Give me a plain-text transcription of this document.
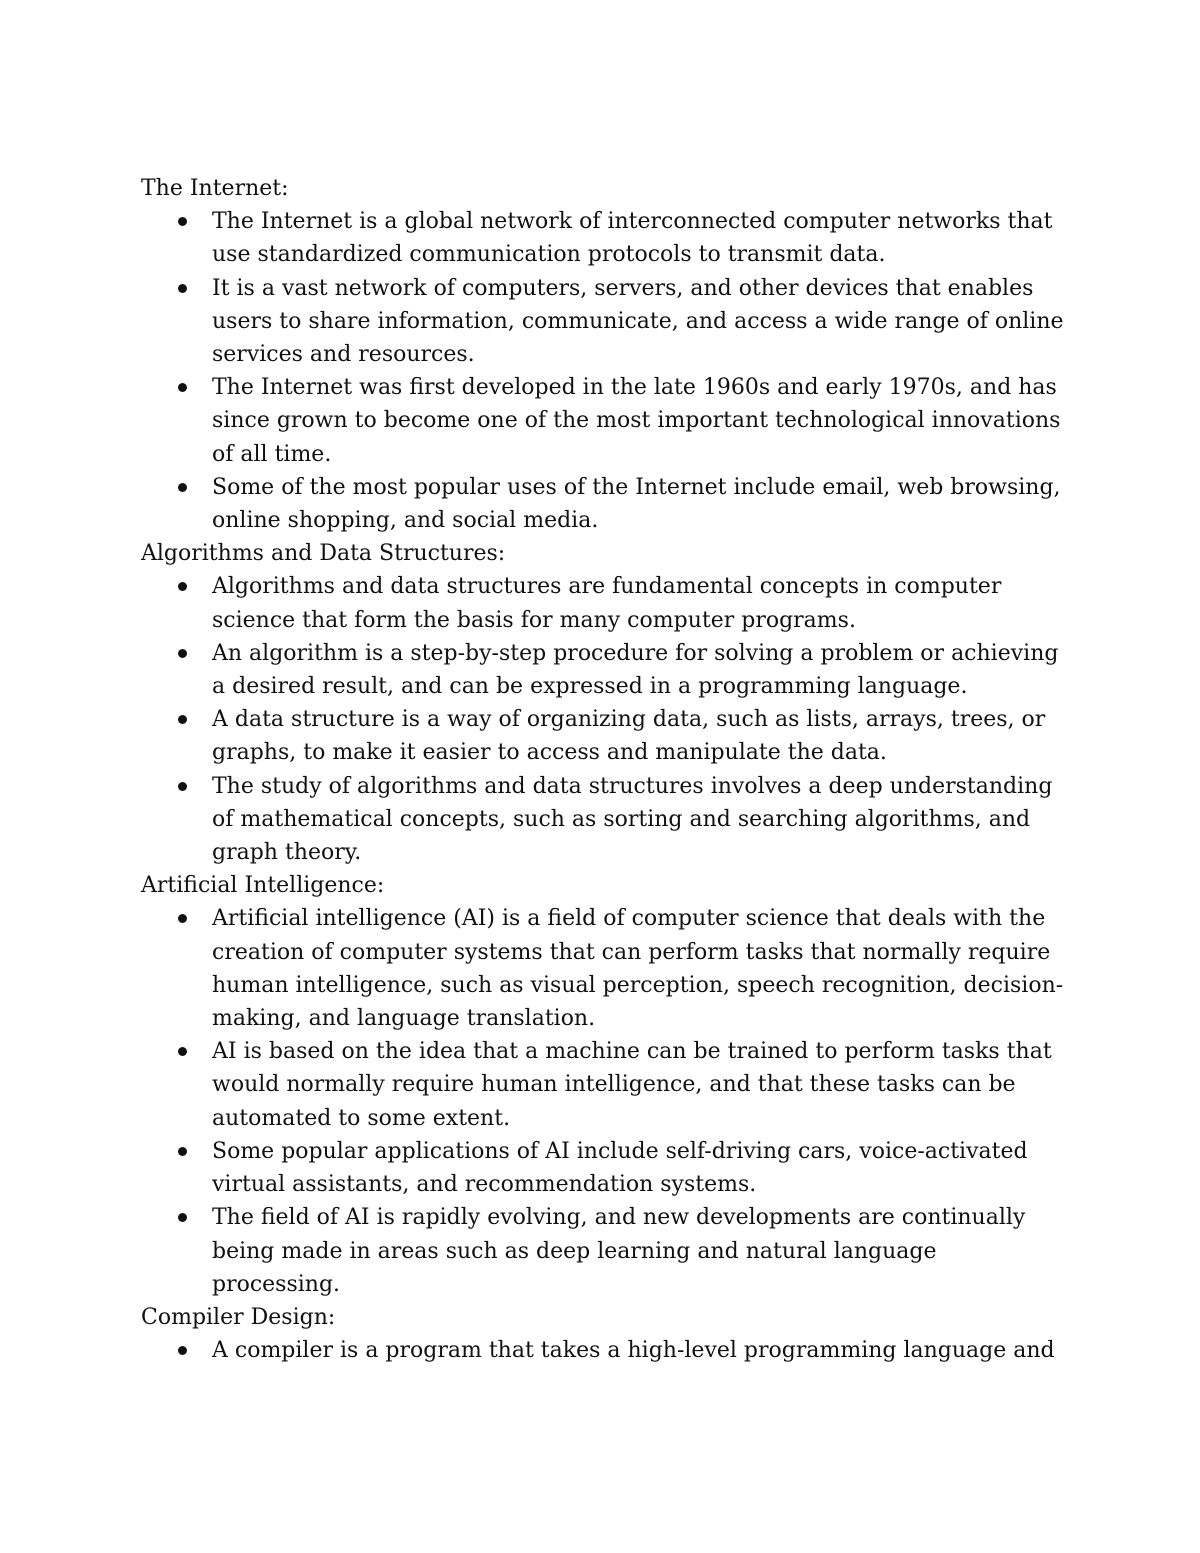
The Internet:

The Internet is a global network of interconnected computer networks that use standardized communication protocols to transmit data.
It is a vast network of computers, servers, and other devices that enables users to share information, communicate, and access a wide range of online services and resources.
The Internet was first developed in the late 1960s and early 1970s, and has since grown to become one of the most important technological innovations of all time.
Some of the most popular uses of the Internet include email, web browsing, online shopping, and social media.

Algorithms and Data Structures:

Algorithms and data structures are fundamental concepts in computer science that form the basis for many computer programs.
An algorithm is a step-by-step procedure for solving a problem or achieving a desired result, and can be expressed in a programming language.
A data structure is a way of organizing data, such as lists, arrays, trees, or graphs, to make it easier to access and manipulate the data.
The study of algorithms and data structures involves a deep understanding of mathematical concepts, such as sorting and searching algorithms, and graph theory.

Artificial Intelligence:

Artificial intelligence (AI) is a field of computer science that deals with the creation of computer systems that can perform tasks that normally require human intelligence, such as visual perception, speech recognition, decision-making, and language translation.
AI is based on the idea that a machine can be trained to perform tasks that would normally require human intelligence, and that these tasks can be automated to some extent.
Some popular applications of AI include self-driving cars, voice-activated virtual assistants, and recommendation systems.
The field of AI is rapidly evolving, and new developments are continually being made in areas such as deep learning and natural language processing.

Compiler Design:

A compiler is a program that takes a high-level programming language and
